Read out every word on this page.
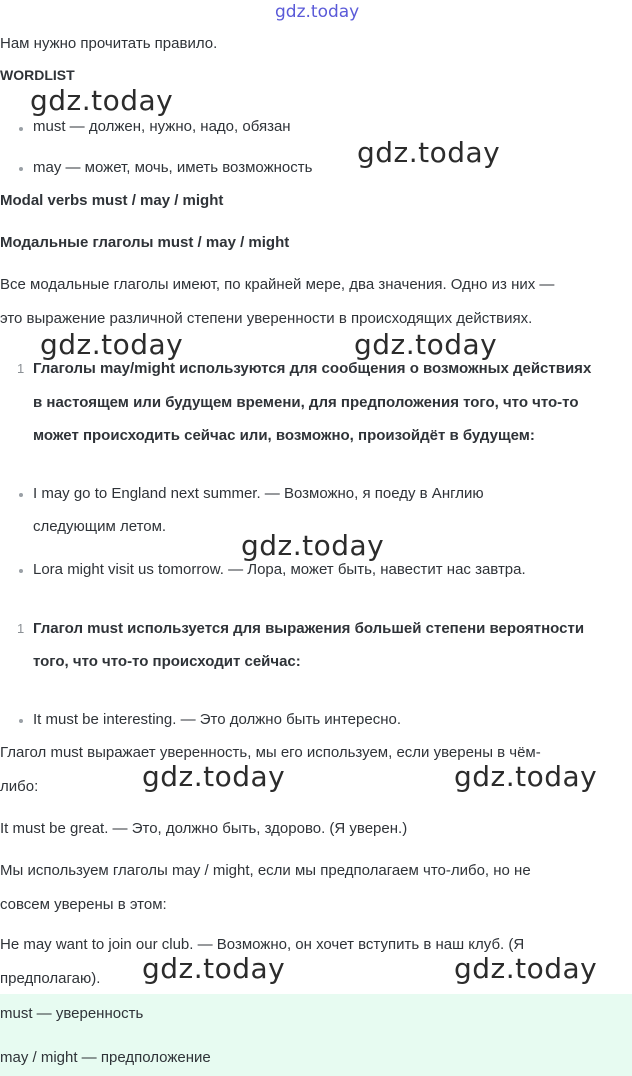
gdz.today
gdz.today
gdz.today
gdz.today	gdz.today
gdz.today
gdz.today	gdz.today
gdz.today	gdz.today
Нам нужно прочитать правило.
WORDLIST
must — должен, нужно, надо, обязан
may — может, мочь, иметь возможность
Modal verbs must / may / might
Модальные глаголы must / may / might
Все модальные глаголы имеют, по крайней мере, два значения. Одно из них —
это выражение различной степени уверенности в происходящих действиях.
1 Глаголы may/might используются для сообщения о возможных действиях
в настоящем или будущем времени, для предположения того, что что-то
может происходить сейчас или, возможно, произойдёт в будущем:
I may go to England next summer. — Возможно, я поеду в Англию
следующим летом.
Lora might visit us tomorrow. — Лора, может быть, навестит нас завтра.
1 Глагол must используется для выражения большей степени вероятности
того, что что-то происходит сейчас:
It must be interesting. — Это должно быть интересно.
Глагол must выражает уверенность, мы его используем, если уверены в чём-
либо:
It must be great. — Это, должно быть, здорово. (Я уверен.)
Мы используем глаголы may / might, если мы предполагаем что-либо, но не
совсем уверены в этом:
He may want to join our club. — Возможно, он хочет вступить в наш клуб. (Я
предполагаю).
must — уверенность
may / might — предположение
